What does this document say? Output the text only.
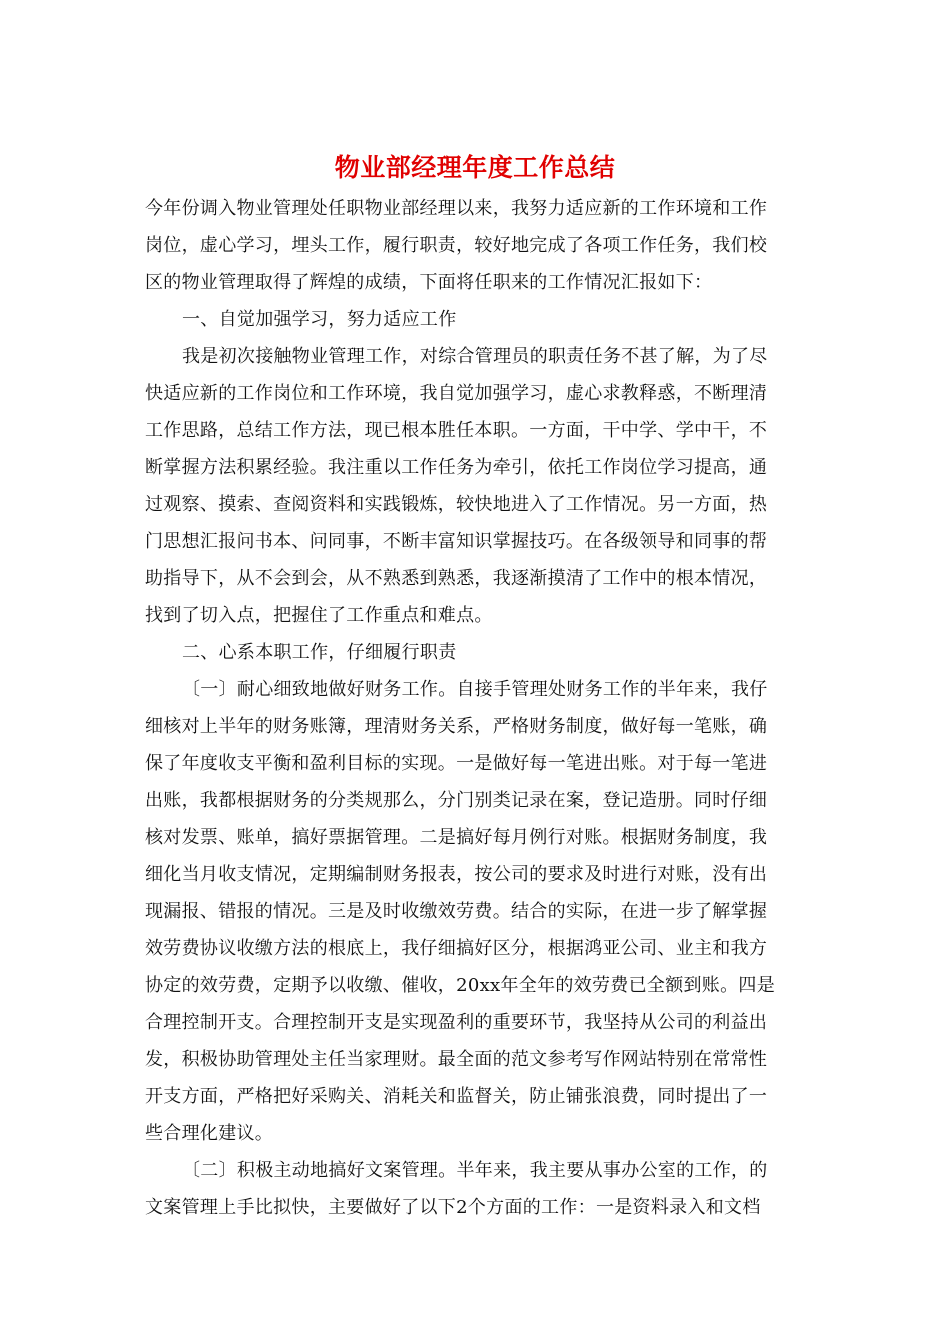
物业部经理年度工作总结
今年份调入物业管理处任职物业部经理以来，我努力适应新的工作环境和工作
岗位，虚心学习，埋头工作，履行职责，较好地完成了各项工作任务，我们校
区的物业管理取得了辉煌的成绩，下面将任职来的工作情况汇报如下：
一、自觉加强学习，努力适应工作
我是初次接触物业管理工作，对综合管理员的职责任务不甚了解，为了尽
快适应新的工作岗位和工作环境，我自觉加强学习，虚心求教释惑，不断理清
工作思路，总结工作方法，现已根本胜任本职。一方面，干中学、学中干，不
断掌握方法积累经验。我注重以工作任务为牵引，依托工作岗位学习提高，通
过观察、摸索、查阅资料和实践锻炼，较快地进入了工作情况。另一方面，热
门思想汇报问书本、问同事，不断丰富知识掌握技巧。在各级领导和同事的帮
助指导下，从不会到会，从不熟悉到熟悉，我逐渐摸清了工作中的根本情况，
找到了切入点，把握住了工作重点和难点。
二、心系本职工作，仔细履行职责
〔一〕耐心细致地做好财务工作。自接手管理处财务工作的半年来，我仔
细核对上半年的财务账簿，理清财务关系，严格财务制度，做好每一笔账，确
保了年度收支平衡和盈利目标的实现。一是做好每一笔进出账。对于每一笔进
出账，我都根据财务的分类规那么，分门别类记录在案，登记造册。同时仔细
核对发票、账单，搞好票据管理。二是搞好每月例行对账。根据财务制度，我
细化当月收支情况，定期编制财务报表，按公司的要求及时进行对账，没有出
现漏报、错报的情况。三是及时收缴效劳费。结合的实际，在进一步了解掌握
效劳费协议收缴方法的根底上，我仔细搞好区分，根据鸿亚公司、业主和我方
协定的效劳费，定期予以收缴、催收，20xx年全年的效劳费已全额到账。四是
合理控制开支。合理控制开支是实现盈利的重要环节，我坚持从公司的利益出
发，积极协助管理处主任当家理财。最全面的范文参考写作网站特别在常常性
开支方面，严格把好采购关、消耗关和监督关，防止铺张浪费，同时提出了一
些合理化建议。
〔二〕积极主动地搞好文案管理。半年来，我主要从事办公室的工作，的
文案管理上手比拟快，主要做好了以下2个方面的工作：一是资料录入和文档
